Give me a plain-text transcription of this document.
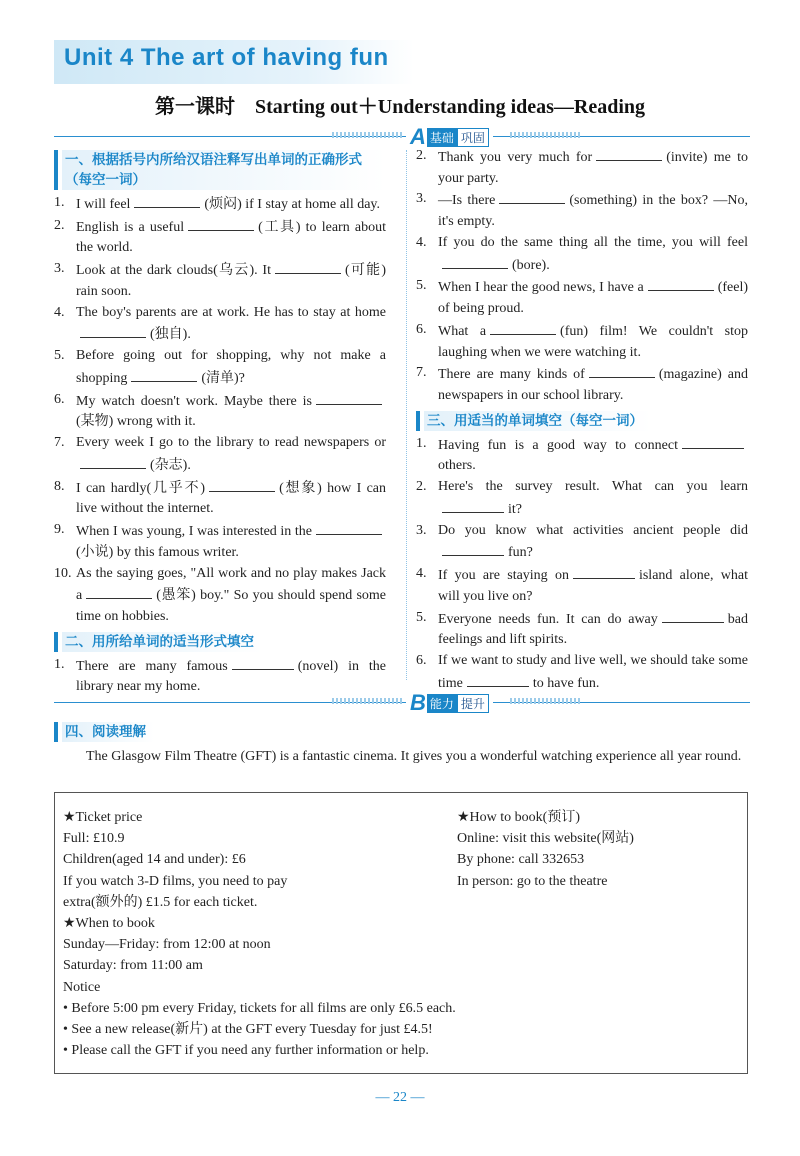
Unit 4 The art of having fun
第一课时　Starting out＋Understanding ideas—Reading
A 基础 巩固
一、根据括号内所给汉语注释写出单词的正确形式（每空一词）
1. I will feel	(烦闷) if I stay at home all day.
2. English is a useful	(工具) to learn about the world.
3. Look at the dark clouds(乌云). It	(可能) rain soon.
4. The boy's parents are at work. He has to stay at home(独自).
5. Before going out for shopping, why not make a shopping	(清单)?
6. My watch doesn't work. Maybe there is(某物) wrong with it.
7. Every week I go to the library to read newspapers or(杂志).
8. I can hardly(几乎不)	(想象) how I can live without the internet.
9. When I was young, I was interested in the(小说) by this famous writer.
10. As the saying goes, "All work and no play makes Jack a	(愚笨) boy." So you should spend some time on hobbies.
二、用所给单词的适当形式填空
1. There are many famous	(novel) in the library near my home.
2. Thank you very much for	(invite) me to your party.
3. —Is there	(something) in the box? —No, it's empty.
4. If you do the same thing all the time, you will feel(bore).
5. When I hear the good news, I have a	(feel) of being proud.
6. What a	(fun) film! We couldn't stop laughing when we were watching it.
7. There are many kinds of	(magazine) and newspapers in our school library.
三、用适当的单词填空（每空一词）
1. Having fun is a good way to connectothers.
2. Here's the survey result. What can you learnit?
3. Do you know what activities ancient people didfun?
4. If you are staying on	island alone, what will you live on?
5. Everyone needs fun. It can do away	bad feelings and lift spirits.
6. If we want to study and live well, we should take some time	to have fun.
B 能力 提升
四、阅读理解
The Glasgow Film Theatre (GFT) is a fantastic cinema. It gives you a wonderful watching experience all year round.
★Ticket price
Full: £10.9
Children(aged 14 and under): £6
If you watch 3-D films, you need to pay
extra(额外的) £1.5 for each ticket.
★When to book
Sunday—Friday: from 12:00 at noon
Saturday: from 11:00 am
Notice
★How to book(预订)
Online: visit this website(网站)
By phone: call 332653
In person: go to the theatre
• Before 5:00 pm every Friday, tickets for all films are only £6.5 each.
• See a new release(新片) at the GFT every Tuesday for just £4.5!
• Please call the GFT if you need any further information or help.
— 22 —
